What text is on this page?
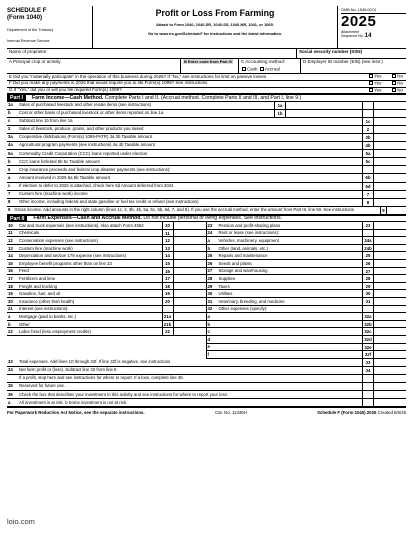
SCHEDULE F
(Form 1040)
Department of the Treasury
Internal Revenue Service
Profit or Loss From Farming
Attach to Form 1040, 1040-SR, 1040-SS, 1040-NR, 1041, or 1065.
Go to www.irs.gov/ScheduleF for instructions and the latest information.
OMB No. 1545-0074
2025
Attachment
Sequence No. 14
Name of proprietor	Social security number (SSN)
A Principal crop or activity	B Enter code from Part IV	C Accounting method:
Cash Accrual
D Employer ID number (EIN) (see instr.)
E Did you “materially participate” in the operation of this business during 2025? If “No,” see instructions for limit on passive losses	Yes	No
F Did you make any payments in 2025 that would require you to file Form(s) 1099? See instructions	Yes	No
G If “Yes,” did you or will you file required Form(s) 1099?	Yes	No
Part I	Farm Income—Cash Method. Complete Parts I and II. (Accrual method. Complete Parts II and III, and Part I, line 9.)
1a	Sales of purchased livestock and other resale items (see instructions)	1a
b	Cost or other basis of purchased livestock or other items reported on line 1a	1b
c	Subtract line 1b from line 1a	1c
2	Sales of livestock, produce, grains, and other products you raised	2
3a	Cooperative distributions (Form(s) 1099-PATR) 3a 3b Taxable amount	3b
4a	Agricultural program payments (see instructions) 4a 4b Taxable amount	4b
5a	Commodity Credit Corporation (CCC) loans reported under election	5a
b	CCC loans forfeited 5b 5c Taxable amount	5c
6	Crop insurance proceeds and federal crop disaster payments (see instructions):
a	Amount received in 2025 6a 6b Taxable amount	6b
c	If election to defer to 2026 is attached, check here 6d Amount deferred from 2024	6d
7	Custom hire (machine work) income	7
8	Other income, including federal and state gasoline or fuel tax credit or refund (see instructions)	8
9 Gross income. Add amounts in the right column (lines 1c, 2, 3b, 4b, 5a, 5c, 6b, 6d, 7, and 8). If you use the accrual method, enter the amount from Part III, line 50. See instructions	9
Part II	Farm Expenses—Cash and Accrual Method. Do not include personal or living expenses. See instructions.
10	Car and truck expenses (see instructions). Also attach Form 4562	10
11	Chemicals	11
12	Conservation expenses (see instructions)	12
13	Custom hire (machine work)	13
14	Depreciation and section 179 expense (see instructions)	14
15	Employee benefit programs other than on line 23	15
16	Feed	16
17	Fertilizers and lime	17
18	Freight and trucking	18
19	Gasoline, fuel, and oil	19
20	Insurance (other than health)	20
21	Interest (see instructions):
a	Mortgage (paid to banks, etc.)	21a
b	Other	21b
22	Labor hired (less employment credits)	22
23	Pension and profit-sharing plans	23
24	Rent or lease (see instructions):
a	Vehicles, machinery, equipment	24a
b	Other (land, animals, etc.)	24b
25	Repairs and maintenance	25
26	Seeds and plants	26
27	Storage and warehousing	27
28	Supplies	28
29	Taxes	29
30	Utilities	30
31	Veterinary, breeding, and medicine	31
32	Other expenses (specify):
a	32a
b	32b
c	32c
d	32d
e	32e
f	32f
33	Total expenses. Add lines 10 through 32f. If line 32f is negative, see instructions	33
34	Net farm profit or (loss). Subtract line 33 from line 9	34
If a profit, stop here and see instructions for where to report. If a loss, complete line 36.
35	Reserved for future use.
36	Check the box that describes your investment in this activity and see instructions for where to report your loss:
a	All investment is at risk. b Some investment is not at risk.
For Paperwork Reduction Act Notice, see the separate instructions.	Cat. No. 11346H	Schedule F (Form 1040) 2025 Created 5/6/25
loio.com
